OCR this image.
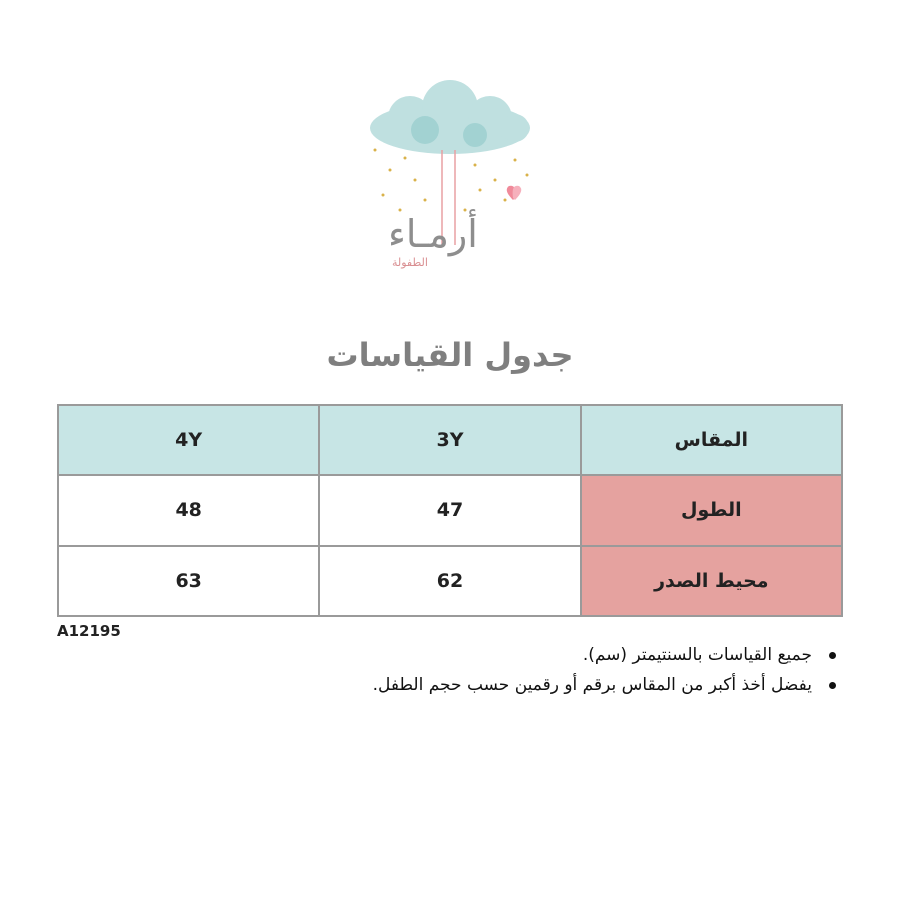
أرمـاء
الطفولة
جدول القياسات
4Y	3Y	المقاس
48	47	الطول
63	62	محيط الصدر
A12195
جميع القياسات بالسنتيمتر (سم).
يفضل أخذ أكبر من المقاس برقم أو رقمين حسب حجم الطفل.
